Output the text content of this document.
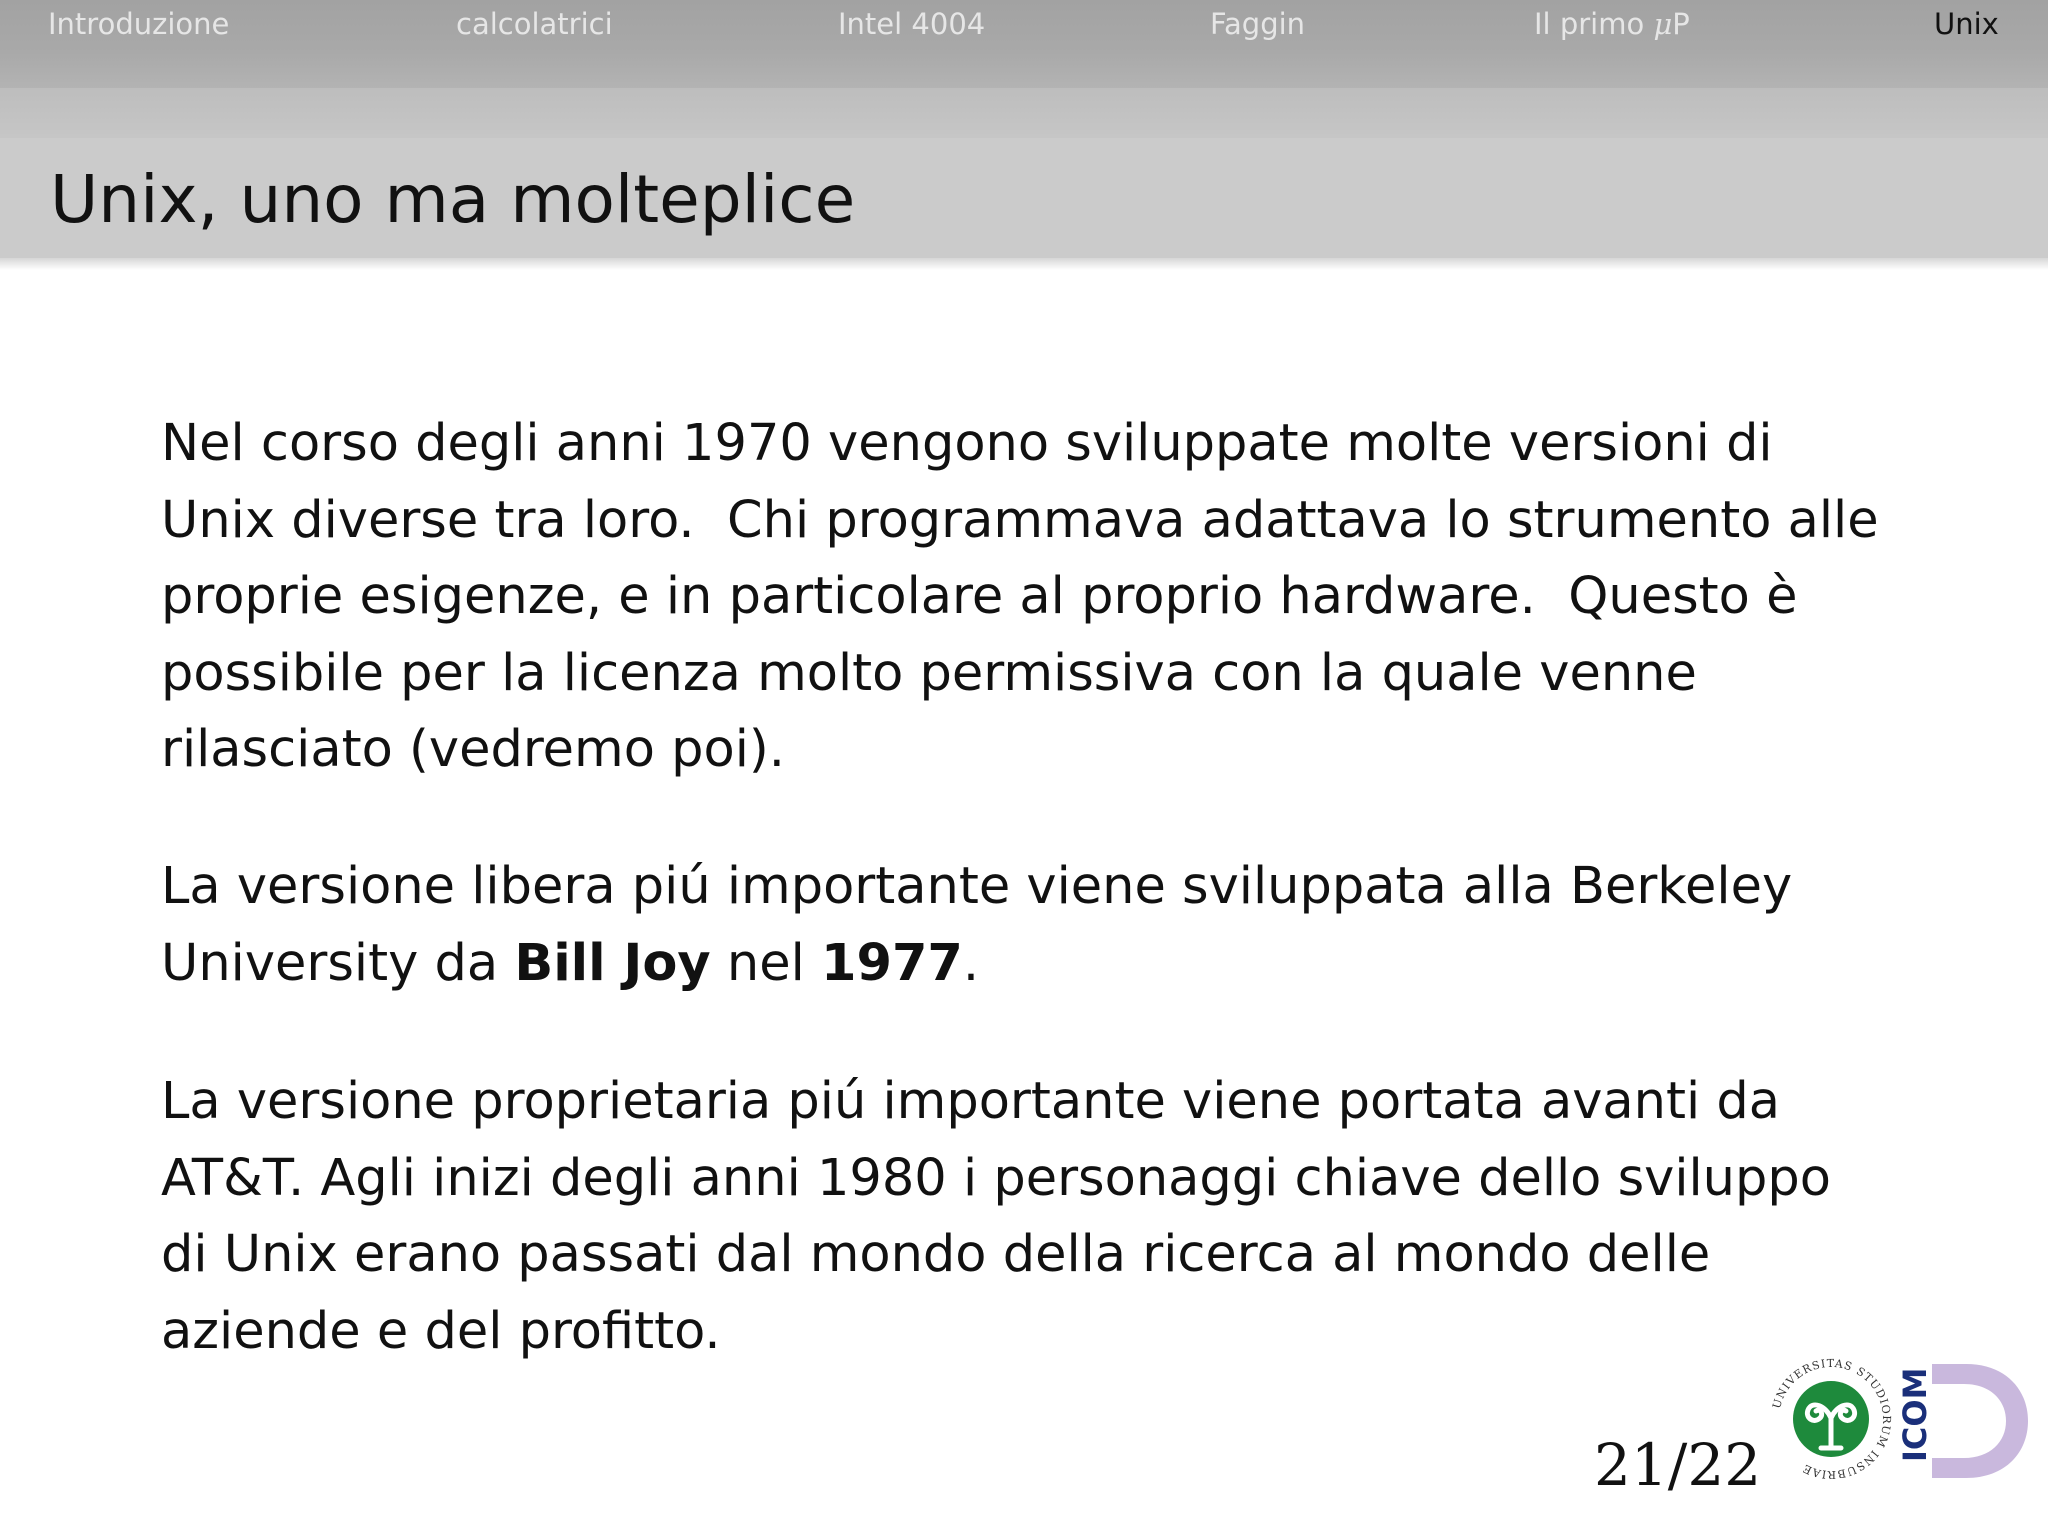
Introduzione	calcolatrici	Intel 4004	Faggin	Il primo μP	Unix
Unix, uno ma molteplice
Nel corso degli anni 1970 vengono sviluppate molte versioni di
Unix diverse tra loro.  Chi programmava adattava lo strumento alle
proprie esigenze, e in particolare al proprio hardware.  Questo è
possibile per la licenza molto permissiva con la quale venne
rilasciato (vedremo poi).
La versione libera piú importante viene sviluppata alla Berkeley
University da Bill Joy nel 1977.
La versione proprietaria piú importante viene portata avanti da
AT&T. Agli inizi degli anni 1980 i personaggi chiave dello sviluppo
di Unix erano passati dal mondo della ricerca al mondo delle
aziende e del profitto.
21/22
UNIVERSITAS STUDIORUM INSUBRIAE
ICOM
